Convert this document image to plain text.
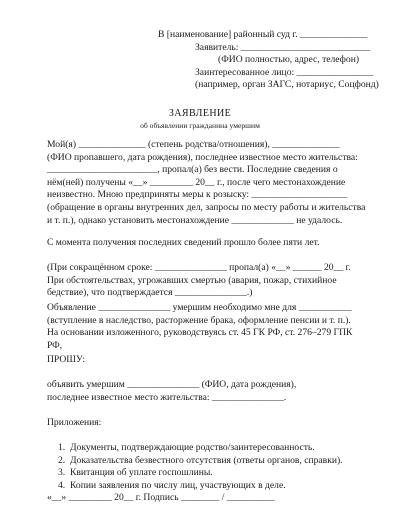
В [наименование] районный суд г. ______________
Заявитель: ___________________________
(ФИО полностью, адрес, телефон)
Заинтересованное лицо: ________________
(например, орган ЗАГС, нотариус, Соцфонд)
ЗАЯВЛЕНИЕ
об объявлении гражданина умершим
Мой(я) ______________ (степень родства/отношения), ______________
(ФИО пропавшего, дата рождения), последнее известное место жительства:
_______________________, пропал(а) без вести. Последние сведения о
нём(ней) получены «__» _________ 20__ г., после чего местонахождение
неизвестно. Мною предприняты меры к розыску: ____________________
(обращение в органы внутренних дел, запросы по месту работы и жительства
и т. п.), однако установить местонахождение _____________ не удалось.
С момента получения последних сведений прошло более пяти лет.
(При сокращённом сроке: _______________ пропал(а) «__» ______ 20__ г.
При обстоятельствах, угрожавших смертью (авария, пожар, стихийное
бедствие), что подтверждается _______________.)
Объявление _______________ умершим необходимо мне для ___________
(вступление в наследство, расторжение брака, оформление пенсии и т. п.).
На основании изложенного, руководствуясь ст. 45 ГК РФ, ст. 276–279 ГПК
РФ,
ПРОШУ:
объявить умершим _______________ (ФИО, дата рождения),
последнее известное место жительства: _______________.
Приложения:
1. Документы, подтверждающие родство/заинтересованность.
2. Доказательства безвестного отсутствия (ответы органов, справки).
3. Квитанция об уплате госпошлины.
4. Копии заявления по числу лиц, участвующих в деле.
«__» _________ 20__ г. Подпись ________ / __________
